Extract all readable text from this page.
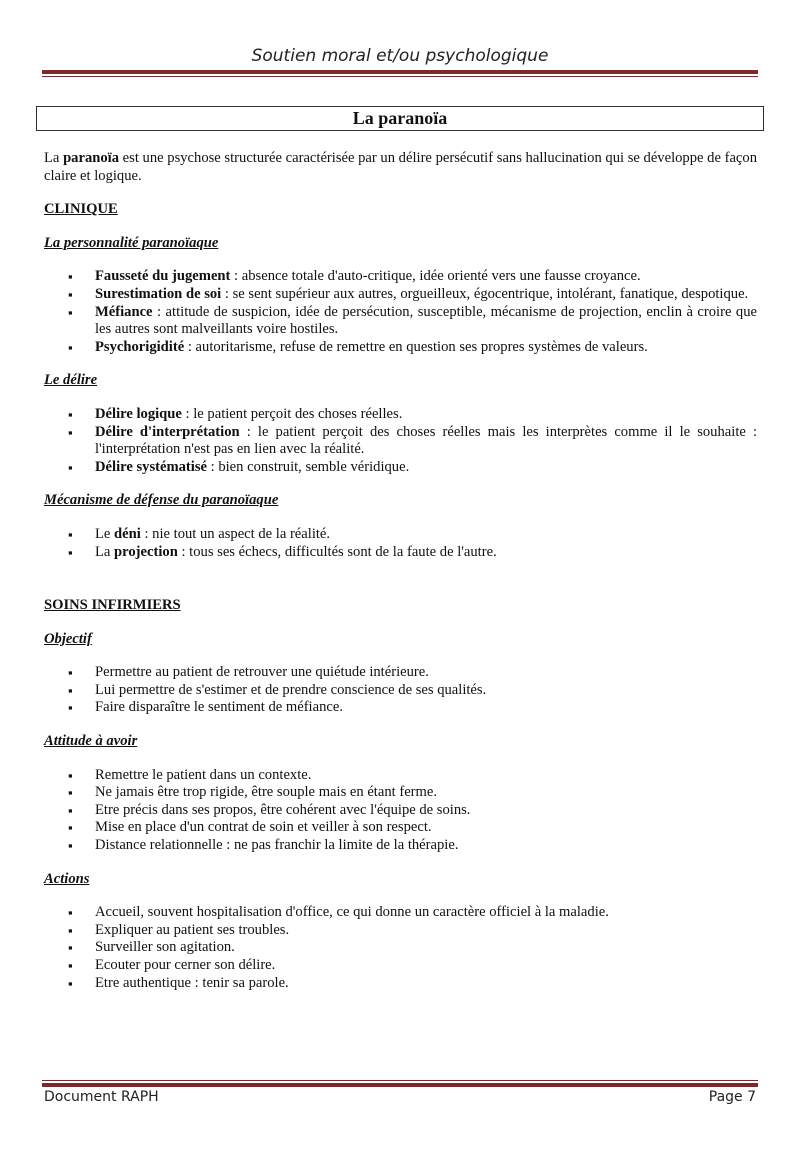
Soutien moral et/ou psychologique
La paranoïa

La paranoïa est une psychose structurée caractérisée par un délire persécutif sans hallucination qui se développe de façon claire et logique.

CLINIQUE
La personnalité paranoïaque
▪ Fausseté du jugement : absence totale d'auto-critique, idée orienté vers une fausse croyance.
▪ Surestimation de soi : se sent supérieur aux autres, orgueilleux, égocentrique, intolérant, fanatique, despotique.
▪ Méfiance : attitude de suspicion, idée de persécution, susceptible, mécanisme de projection, enclin à croire que les autres sont malveillants voire hostiles.
▪ Psychorigidité : autoritarisme, refuse de remettre en question ses propres systèmes de valeurs.
Le délire
▪ Délire logique : le patient perçoit des choses réelles.
▪ Délire d'interprétation : le patient perçoit des choses réelles mais les interprètes comme il le souhaite : l'interprétation n'est pas en lien avec la réalité.
▪ Délire systématisé : bien construit, semble véridique.
Mécanisme de défense du paranoïaque
▪ Le déni : nie tout un aspect de la réalité.
▪ La projection : tous ses échecs, difficultés sont de la faute de l'autre.
SOINS INFIRMIERS
Objectif
▪ Permettre au patient de retrouver une quiétude intérieure.
▪ Lui permettre de s'estimer et de prendre conscience de ses qualités.
▪ Faire disparaître le sentiment de méfiance.
Attitude à avoir
▪ Remettre le patient dans un contexte.
▪ Ne jamais être trop rigide, être souple mais en étant ferme.
▪ Etre précis dans ses propos, être cohérent avec l'équipe de soins.
▪ Mise en place d'un contrat de soin et veiller à son respect.
▪ Distance relationnelle : ne pas franchir la limite de la thérapie.
Actions
▪ Accueil, souvent hospitalisation d'office, ce qui donne un caractère officiel à la maladie.
▪ Expliquer au patient ses troubles.
▪ Surveiller son agitation.
▪ Ecouter pour cerner son délire.
▪ Etre authentique : tenir sa parole.
Document RAPH	Page 7
